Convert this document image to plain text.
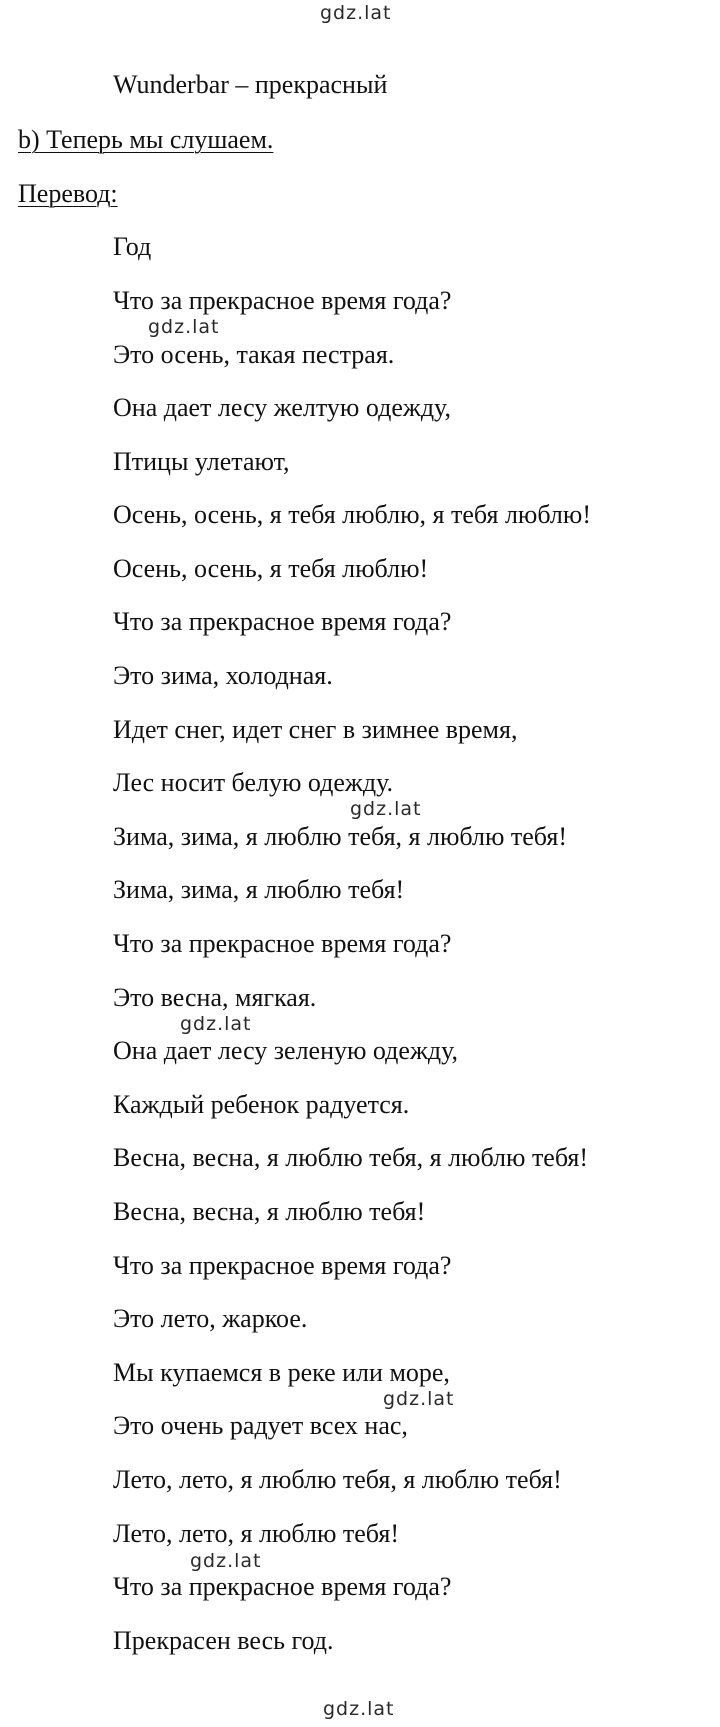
gdz.lat
gdz.lat
gdz.lat
gdz.lat
gdz.lat
gdz.lat
gdz.lat
Wunderbar – прекрасный
b) Теперь мы слушаем.
Перевод:
Год
Что за прекрасное время года?
Это осень, такая пестрая.
Она дает лесу желтую одежду,
Птицы улетают,
Осень, осень, я тебя люблю, я тебя люблю!
Осень, осень, я тебя люблю!
Что за прекрасное время года?
Это зима, холодная.
Идет снег, идет снег в зимнее время,
Лес носит белую одежду.
Зима, зима, я люблю тебя, я люблю тебя!
Зима, зима, я люблю тебя!
Что за прекрасное время года?
Это весна, мягкая.
Она дает лесу зеленую одежду,
Каждый ребенок радуется.
Весна, весна, я люблю тебя, я люблю тебя!
Весна, весна, я люблю тебя!
Что за прекрасное время года?
Это лето, жаркое.
Мы купаемся в реке или море,
Это очень радует всех нас,
Лето, лето, я люблю тебя, я люблю тебя!
Лето, лето, я люблю тебя!
Что за прекрасное время года?
Прекрасен весь год.
